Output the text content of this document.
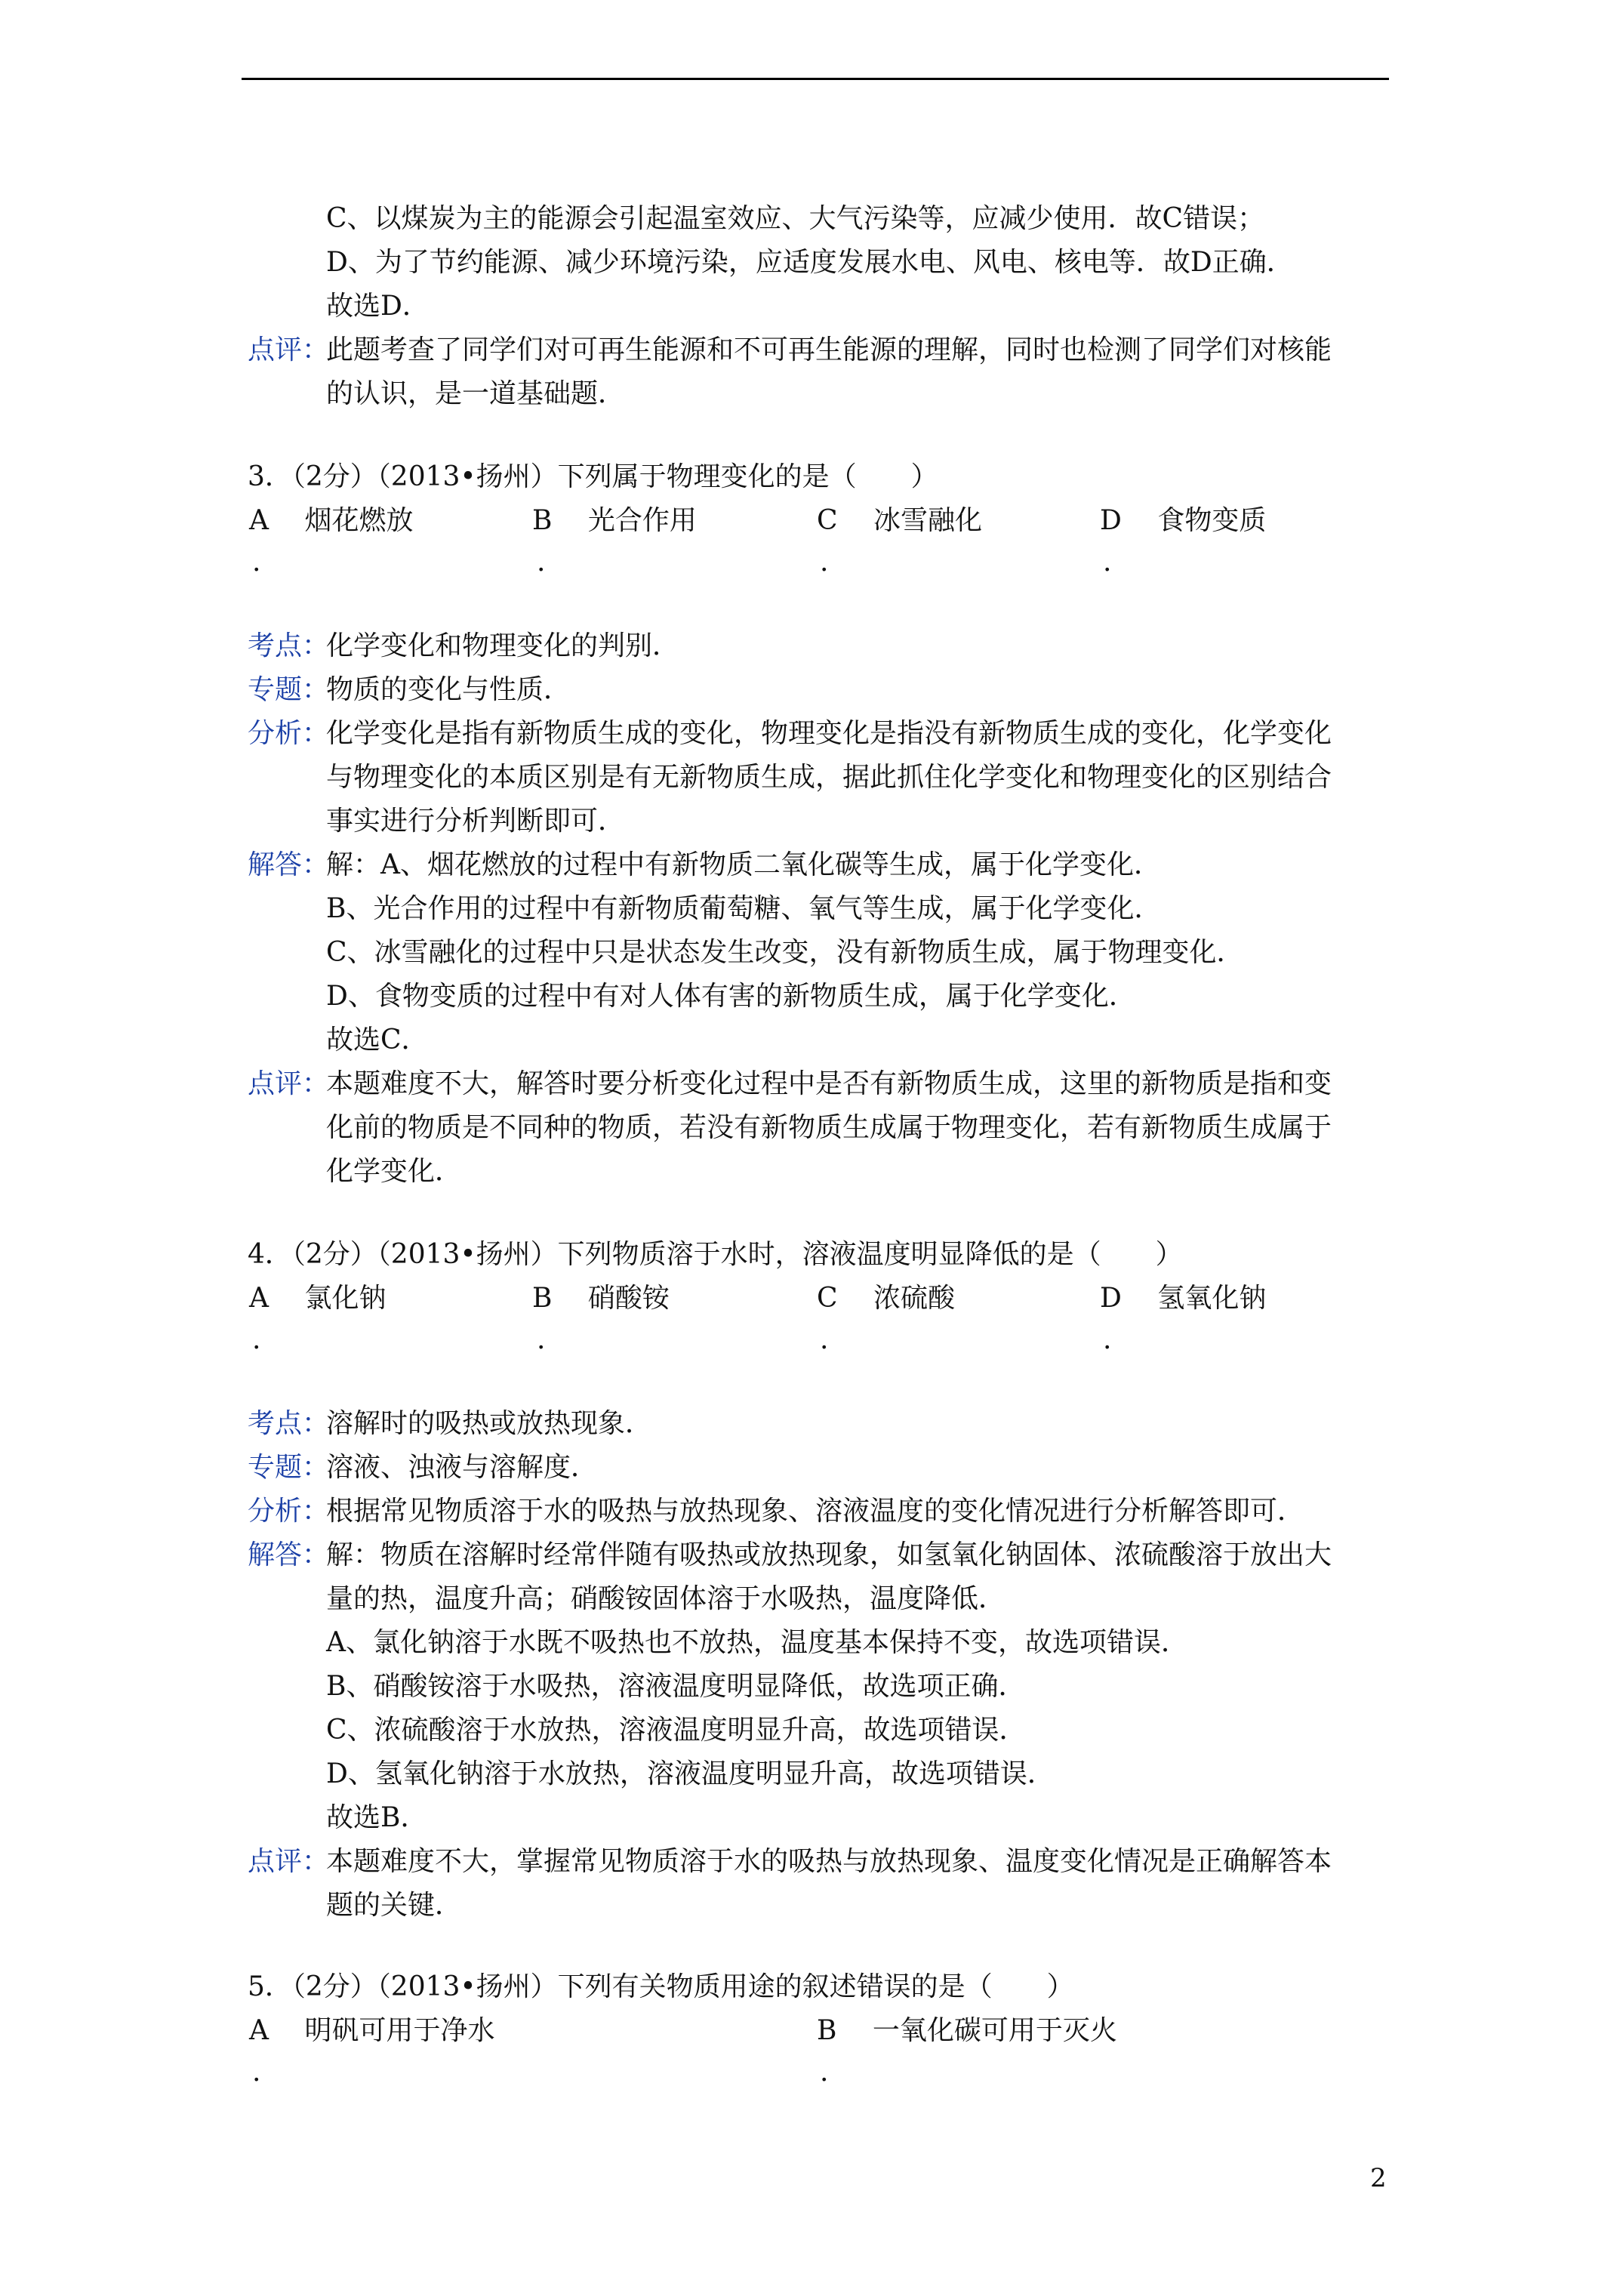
C、以煤炭为主的能源会引起温室效应、大气污染等，应减少使用．故C错误；
D、为了节约能源、减少环境污染，应适度发展水电、风电、核电等．故D正确．
故选D．
点评：
此题考查了同学们对可再生能源和不可再生能源的理解，同时也检测了同学们对核能
的认识，是一道基础题．
3．（2分）（2013•扬州）下列属于物理变化的是（　　）
A 烟花燃放	B 光合作用	C 冰雪融化	D 食物变质
.	.	.	.
考点：
化学变化和物理变化的判别．
专题：
物质的变化与性质．
分析：
化学变化是指有新物质生成的变化，物理变化是指没有新物质生成的变化，化学变化
与物理变化的本质区别是有无新物质生成，据此抓住化学变化和物理变化的区别结合
事实进行分析判断即可．
解答：
解：A、烟花燃放的过程中有新物质二氧化碳等生成，属于化学变化．
B、光合作用的过程中有新物质葡萄糖、氧气等生成，属于化学变化．
C、冰雪融化的过程中只是状态发生改变，没有新物质生成，属于物理变化．
D、食物变质的过程中有对人体有害的新物质生成，属于化学变化．
故选C．
点评：
本题难度不大，解答时要分析变化过程中是否有新物质生成，这里的新物质是指和变
化前的物质是不同种的物质，若没有新物质生成属于物理变化，若有新物质生成属于
化学变化．
4．（2分）（2013•扬州）下列物质溶于水时，溶液温度明显降低的是（　　）
A 氯化钠	B 硝酸铵	C 浓硫酸	D 氢氧化钠
.	.	.	.
考点：
溶解时的吸热或放热现象．
专题：
溶液、浊液与溶解度．
分析：
根据常见物质溶于水的吸热与放热现象、溶液温度的变化情况进行分析解答即可．
解答：
解：物质在溶解时经常伴随有吸热或放热现象，如氢氧化钠固体、浓硫酸溶于放出大
量的热，温度升高；硝酸铵固体溶于水吸热，温度降低．
A、氯化钠溶于水既不吸热也不放热，温度基本保持不变，故选项错误．
B、硝酸铵溶于水吸热，溶液温度明显降低，故选项正确．
C、浓硫酸溶于水放热，溶液温度明显升高，故选项错误．
D、氢氧化钠溶于水放热，溶液温度明显升高，故选项错误．
故选B．
点评：
本题难度不大，掌握常见物质溶于水的吸热与放热现象、温度变化情况是正确解答本
题的关键．
5．（2分）（2013•扬州）下列有关物质用途的叙述错误的是（　　）
A 明矾可用于净水	B 一氧化碳可用于灭火
.	.
2
